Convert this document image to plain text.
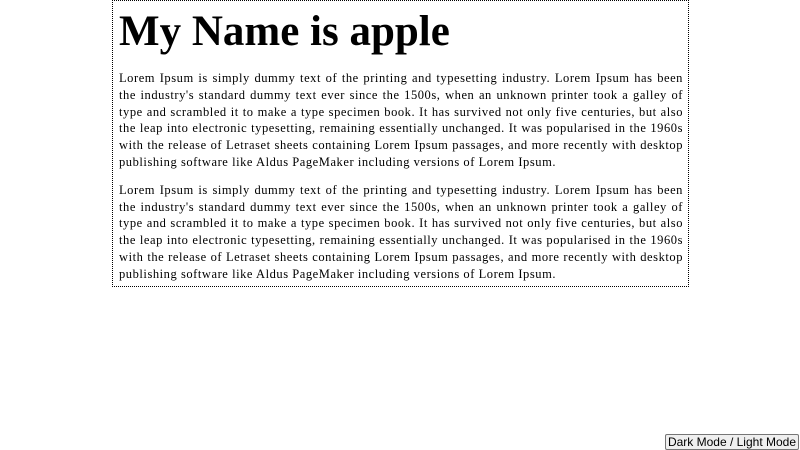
My Name is apple

Lorem Ipsum is simply dummy text of the printing and typesetting industry. Lorem Ipsum has been the industry's standard dummy text ever since the 1500s, when an unknown printer took a galley of type and scrambled it to make a type specimen book. It has survived not only five centuries, but also the leap into electronic typesetting, remaining essentially unchanged. It was popularised in the 1960s with the release of Letraset sheets containing Lorem Ipsum passages, and more recently with desktop publishing software like Aldus PageMaker including versions of Lorem Ipsum.

Lorem Ipsum is simply dummy text of the printing and typesetting industry. Lorem Ipsum has been the industry's standard dummy text ever since the 1500s, when an unknown printer took a galley of type and scrambled it to make a type specimen book. It has survived not only five centuries, but also the leap into electronic typesetting, remaining essentially unchanged. It was popularised in the 1960s with the release of Letraset sheets containing Lorem Ipsum passages, and more recently with desktop publishing software like Aldus PageMaker including versions of Lorem Ipsum.

Dark Mode / Light Mode
